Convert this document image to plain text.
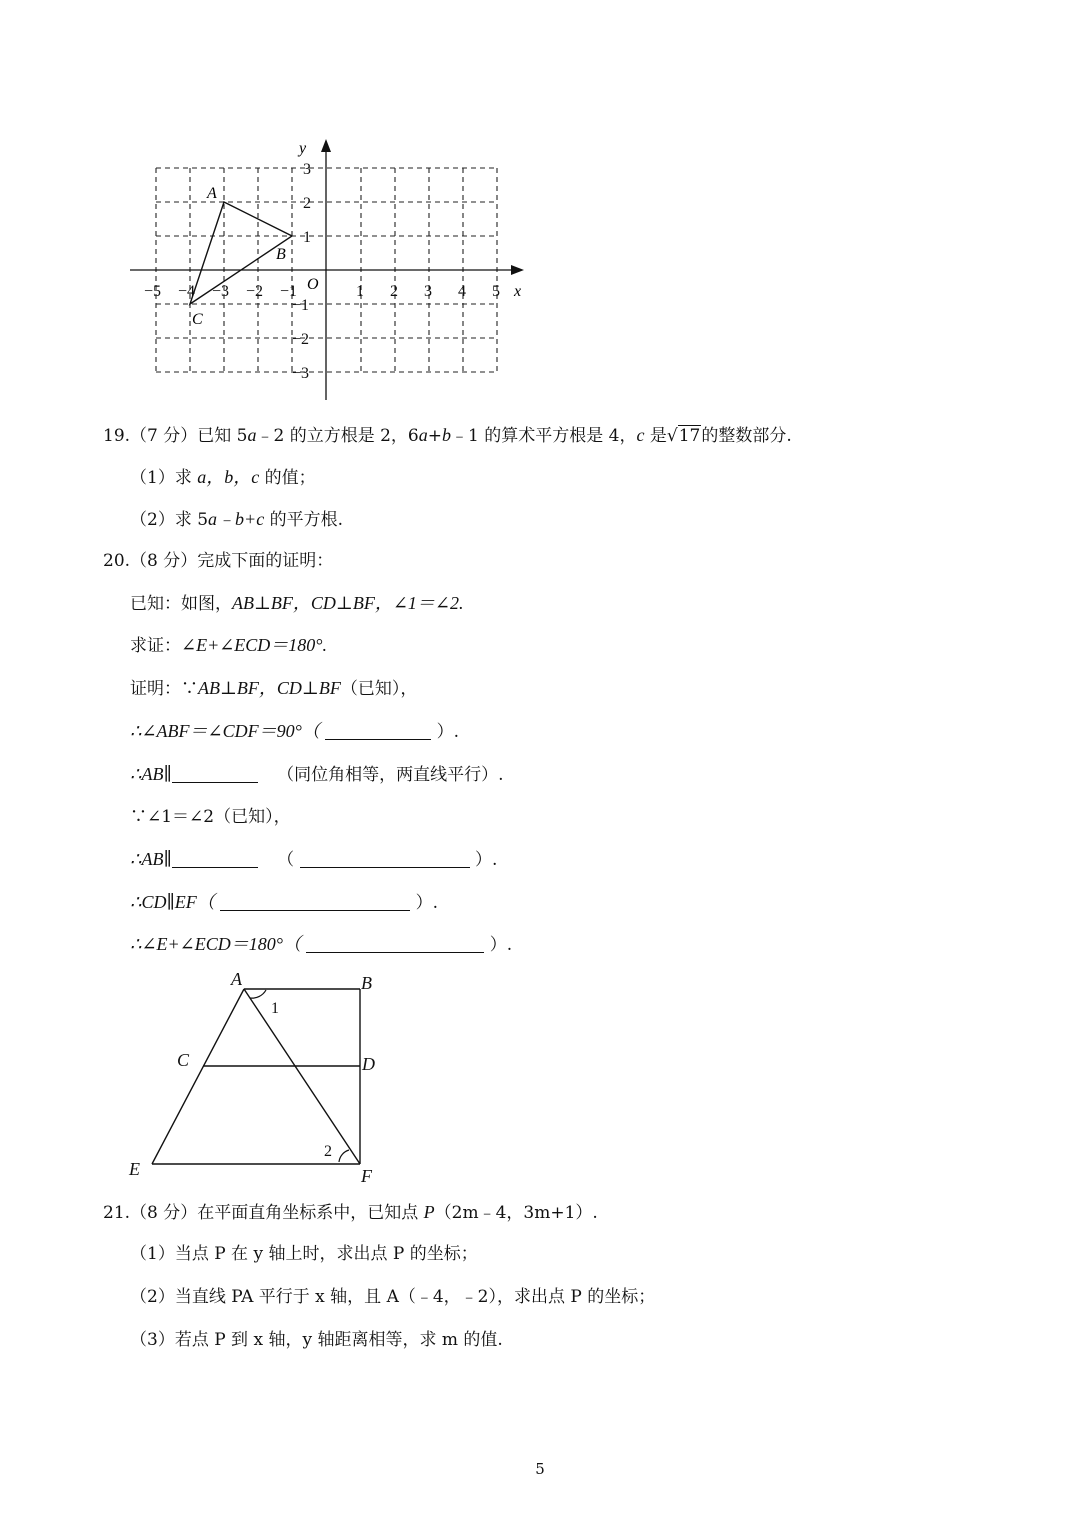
x
y
O
−5 −4 −3 −2 −1	1 2 3 4 5
3
2
1
−1
−2
−3
A
B
C
19.（7 分）已知 5a﹣2 的立方根是 2，6a+b﹣1 的算术平方根是 4，c 是√17的整数部分.
（1）求 a，b，c 的值；
（2）求 5a﹣b+c 的平方根.
20.（8 分）完成下面的证明：
已知：如图，AB⊥BF，CD⊥BF，∠1＝∠2.
求证：∠E+∠ECD＝180°.
证明：∵AB⊥BF，CD⊥BF（已知），
∴∠ABF＝∠CDF＝90°（	）.
∴AB∥	（同位角相等，两直线平行）.
∵∠1＝∠2（已知），
∴AB∥	（	）.
∴CD∥EF（	）.
∴∠E+∠ECD＝180°（	）.
A	B
C	D
E	F
1
2
21.（8 分）在平面直角坐标系中，已知点 P（2m﹣4，3m+1）.
（1）当点 P 在 y 轴上时，求出点 P 的坐标；
（2）当直线 PA 平行于 x 轴，且 A（﹣4，﹣2），求出点 P 的坐标；
（3）若点 P 到 x 轴，y 轴距离相等，求 m 的值.
5
